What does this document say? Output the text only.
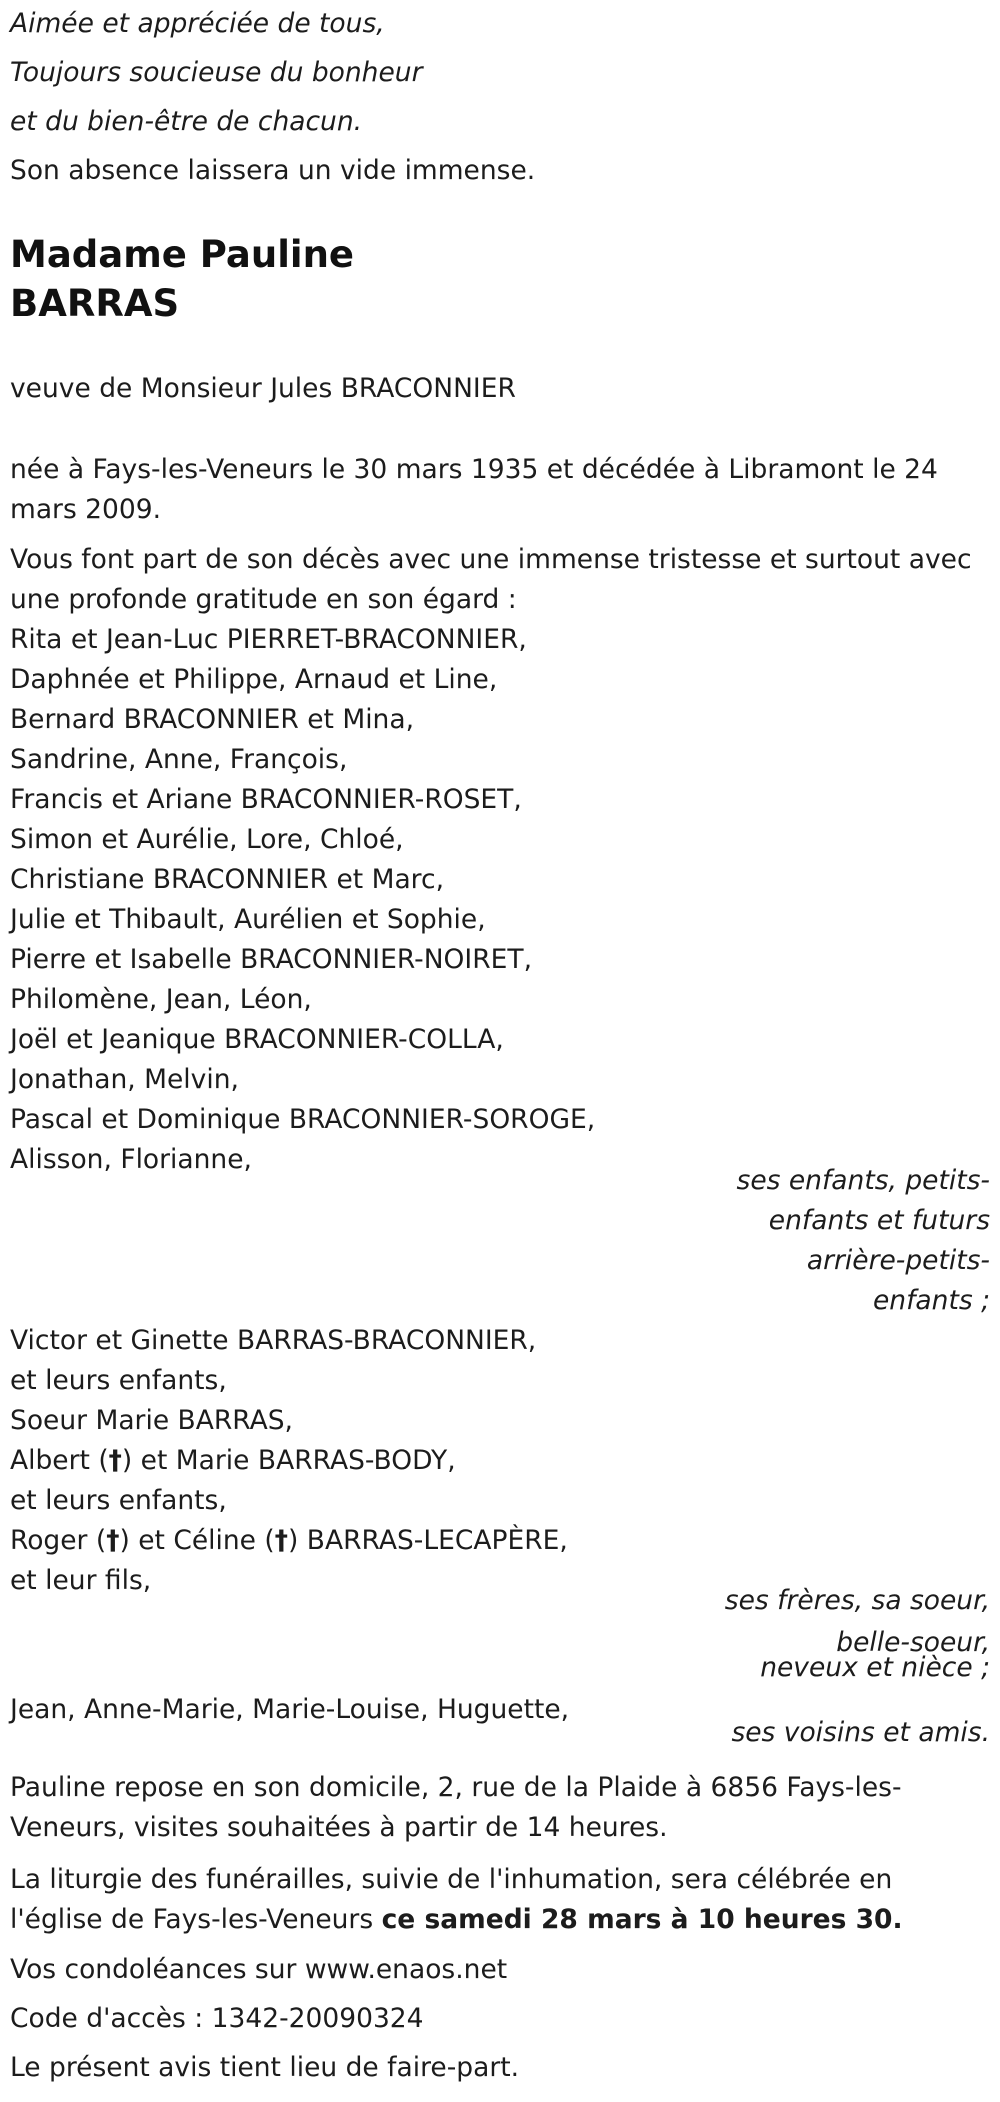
Aimée et appréciée de tous,
Toujours soucieuse du bonheur
et du bien-être de chacun.
Son absence laissera un vide immense.
Madame Pauline
BARRAS
veuve de Monsieur Jules BRACONNIER
née à Fays-les-Veneurs le 30 mars 1935 et décédée à Libramont le 24 mars 2009.
Vous font part de son décès avec une immense tristesse et surtout avec une profonde gratitude en son égard :
Rita et Jean-Luc PIERRET-BRACONNIER,
Daphnée et Philippe, Arnaud et Line,
Bernard BRACONNIER et Mina,
Sandrine, Anne, François,
Francis et Ariane BRACONNIER-ROSET,
Simon et Aurélie, Lore, Chloé,
Christiane BRACONNIER et Marc,
Julie et Thibault, Aurélien et Sophie,
Pierre et Isabelle BRACONNIER-NOIRET,
Philomène, Jean, Léon,
Joël et Jeanique BRACONNIER-COLLA,
Jonathan, Melvin,
Pascal et Dominique BRACONNIER-SOROGE,
Alisson, Florianne,
ses enfants, petits-
enfants et futurs
arrière-petits-
enfants ;
Victor et Ginette BARRAS-BRACONNIER,
et leurs enfants,
Soeur Marie BARRAS,
Albert (†) et Marie BARRAS-BODY,
et leurs enfants,
Roger (†) et Céline (†) BARRAS-LECAPÈRE,
et leur fils,
ses frères, sa soeur,
belle-soeur,
neveux et nièce ;
Jean, Anne-Marie, Marie-Louise, Huguette,
ses voisins et amis.
Pauline repose en son domicile, 2, rue de la Plaide à 6856 Fays-les-Veneurs, visites souhaitées à partir de 14 heures.
La liturgie des funérailles, suivie de l'inhumation, sera célébrée en l'église de Fays-les-Veneurs ce samedi 28 mars à 10 heures 30.
Vos condoléances sur www.enaos.net
Code d'accès : 1342-20090324
Le présent avis tient lieu de faire-part.
